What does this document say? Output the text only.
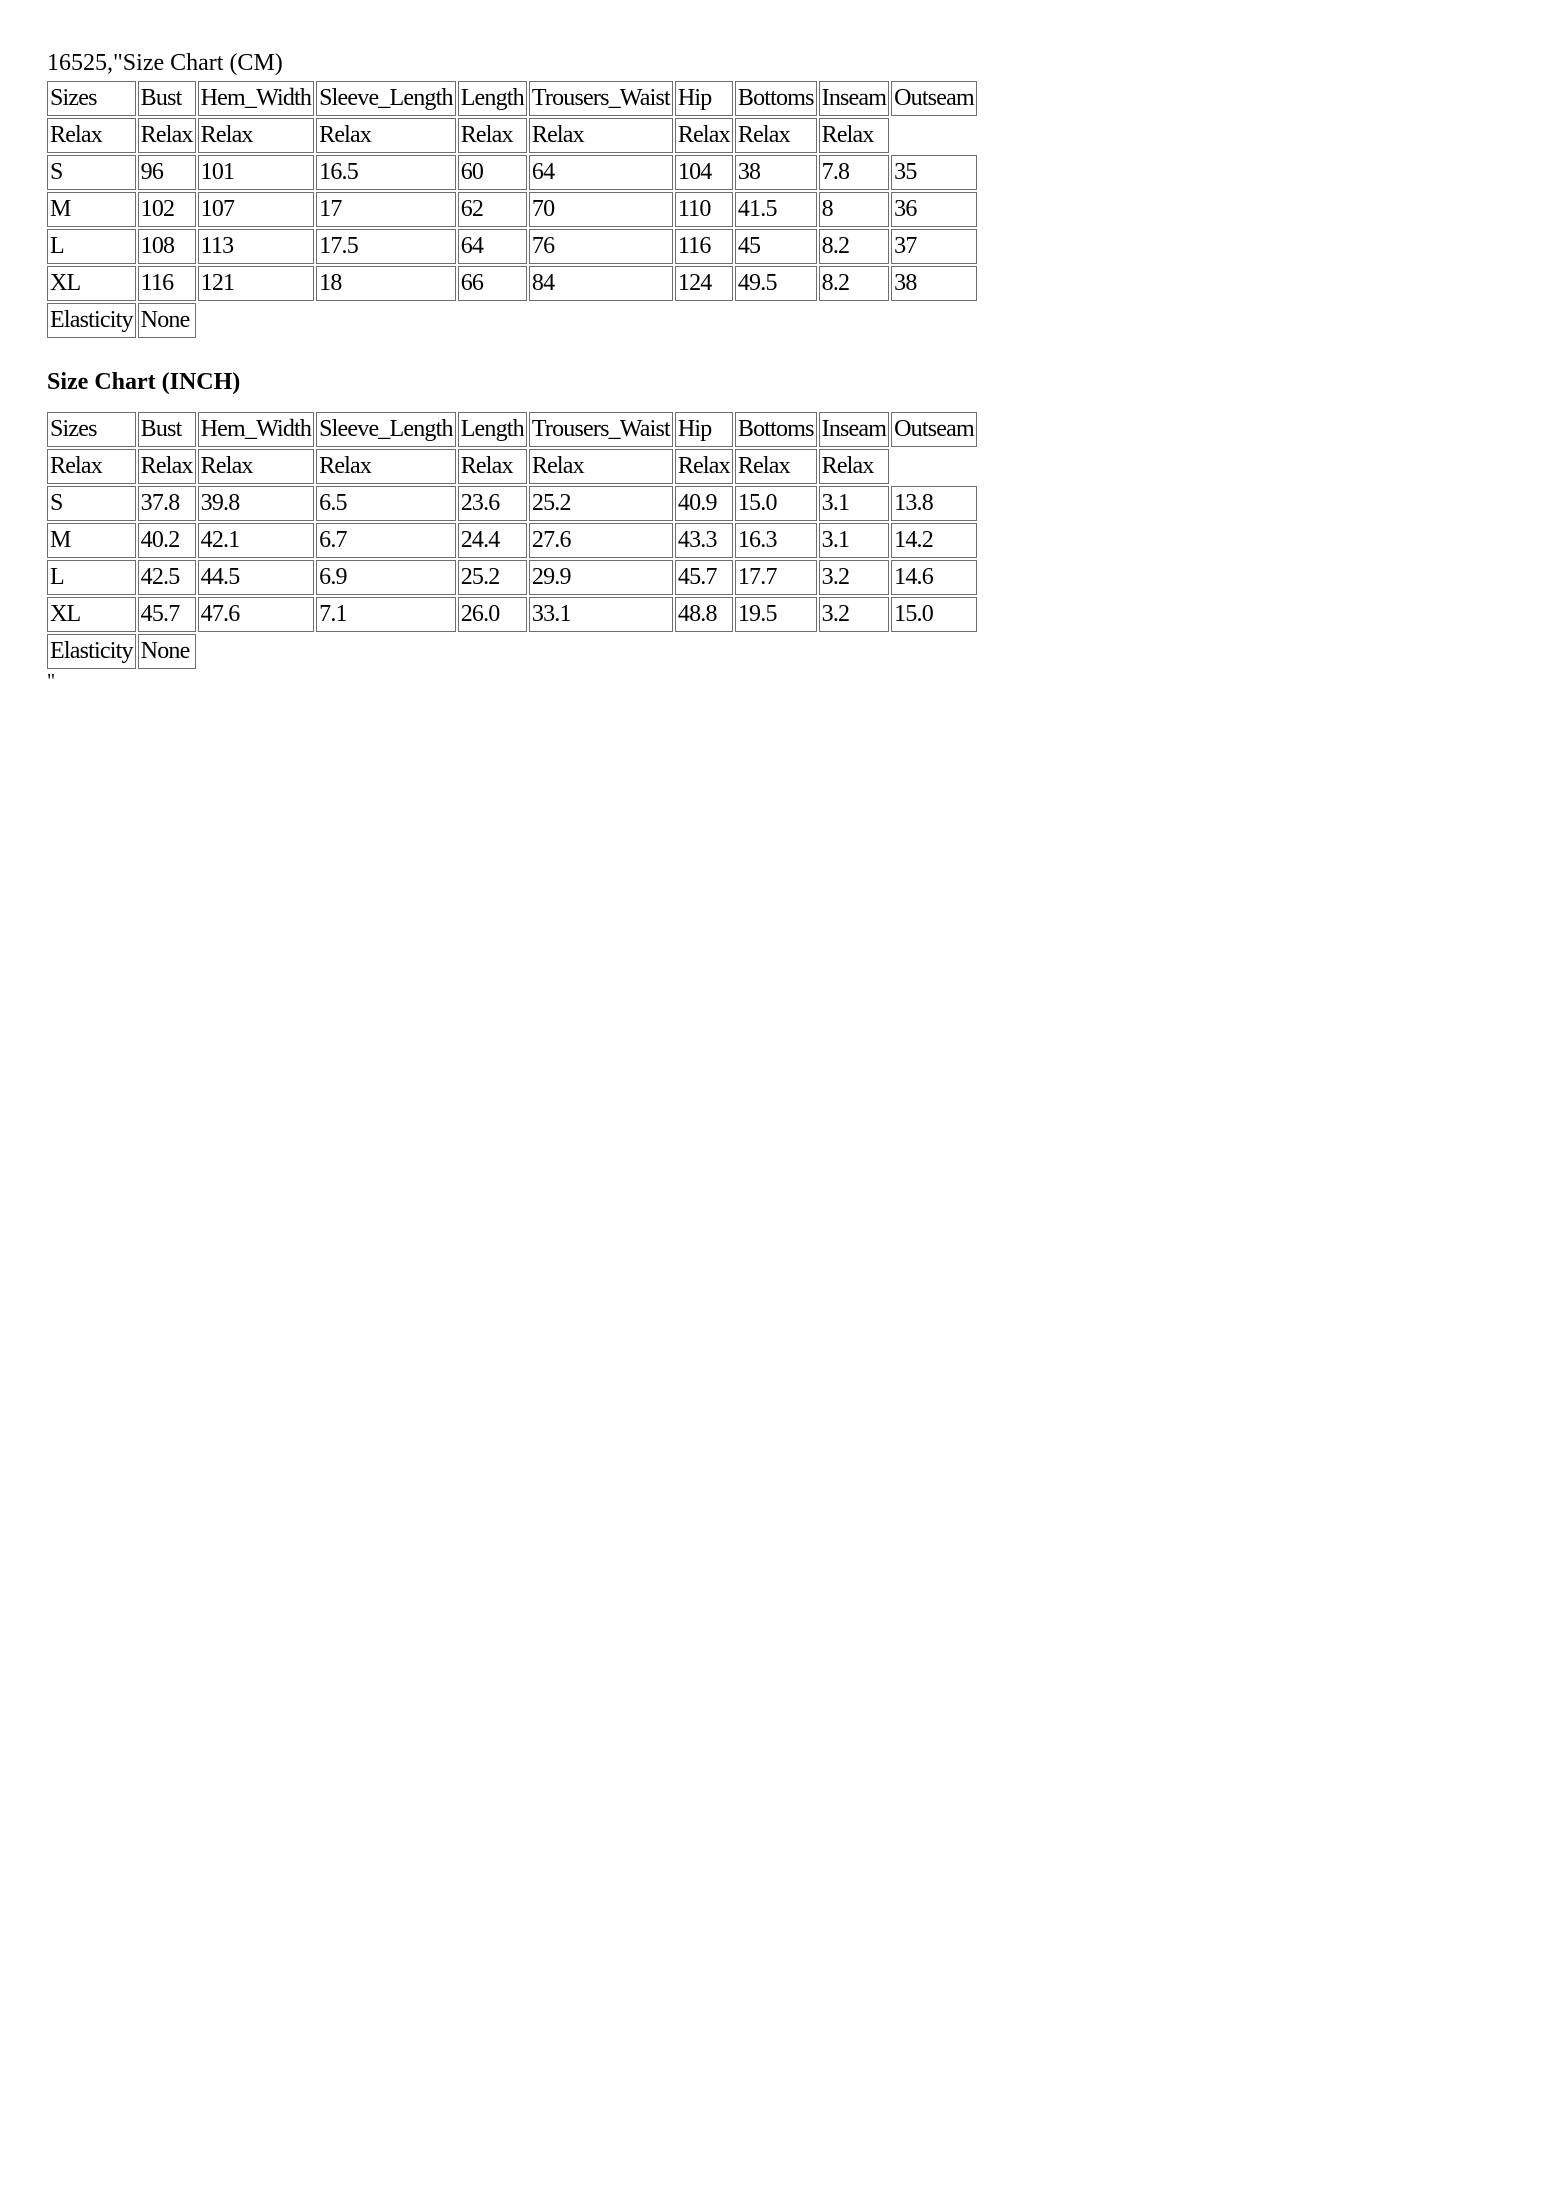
16525,"Size Chart (CM)

Sizes	Bust	Hem_Width	Sleeve_Length	Length	Trousers_Waist	Hip	Bottoms	Inseam	Outseam
Relax	Relax	Relax	Relax	Relax	Relax	Relax	Relax	Relax	
S	96	101	16.5	60	64	104	38	7.8	35
M	102	107	17	62	70	110	41.5	8	36
L	108	113	17.5	64	76	116	45	8.2	37
XL	116	121	18	66	84	124	49.5	8.2	38
Elasticity	None								

Size Chart (INCH)

Sizes	Bust	Hem_Width	Sleeve_Length	Length	Trousers_Waist	Hip	Bottoms	Inseam	Outseam
Relax	Relax	Relax	Relax	Relax	Relax	Relax	Relax	Relax	
S	37.8	39.8	6.5	23.6	25.2	40.9	15.0	3.1	13.8
M	40.2	42.1	6.7	24.4	27.6	43.3	16.3	3.1	14.2
L	42.5	44.5	6.9	25.2	29.9	45.7	17.7	3.2	14.6
XL	45.7	47.6	7.1	26.0	33.1	48.8	19.5	3.2	15.0
Elasticity	None								

"
